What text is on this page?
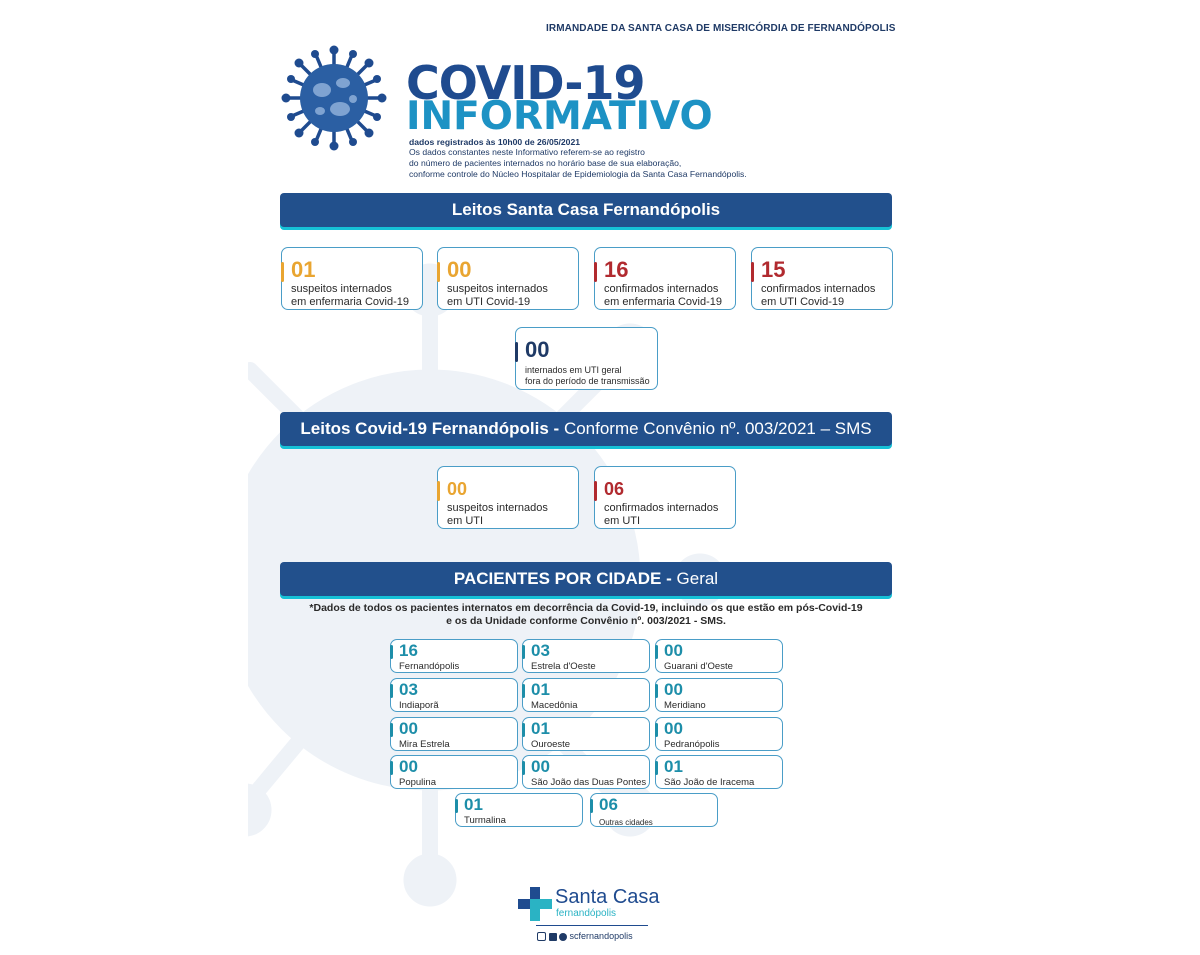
IRMANDADE DA SANTA CASA DE MISERICÓRDIA DE FERNANDÓPOLIS
COVID-19
INFORMATIVO
dados registrados às 10h00 de 26/05/2021
Os dados constantes neste Informativo referem-se ao registro
do número de pacientes internados no horário base de sua elaboração,
conforme controle do Núcleo Hospitalar de Epidemiologia da Santa Casa Fernandópolis.
Leitos Santa Casa Fernandópolis
01
suspeitos internados
em enfermaria Covid-19
00
suspeitos internados
em UTI Covid-19
16
confirmados internados
em enfermaria Covid-19
15
confirmados internados
em UTI Covid-19
00
internados em UTI geral
fora do período de transmissão
Leitos Covid-19 Fernandópolis - Conforme Convênio nº. 003/2021 – SMS
00
suspeitos internados
em UTI
06
confirmados internados
em UTI
PACIENTES POR CIDADE - Geral
*Dados de todos os pacientes internatos em decorrência da Covid-19, incluindo os que estão em pós-Covid-19
e os da Unidade conforme Convênio nº. 003/2021 - SMS.
16
Fernandópolis
03
Estrela d'Oeste
00
Guarani d'Oeste
03
Indiaporã
01
Macedônia
00
Meridiano
00
Mira Estrela
01
Ouroeste
00
Pedranópolis
00
Populina
00
São João das Duas Pontes
01
São João de Iracema
01
Turmalina
06
Outras cidades
Santa Casa
fernandópolis
scfernandopolis
